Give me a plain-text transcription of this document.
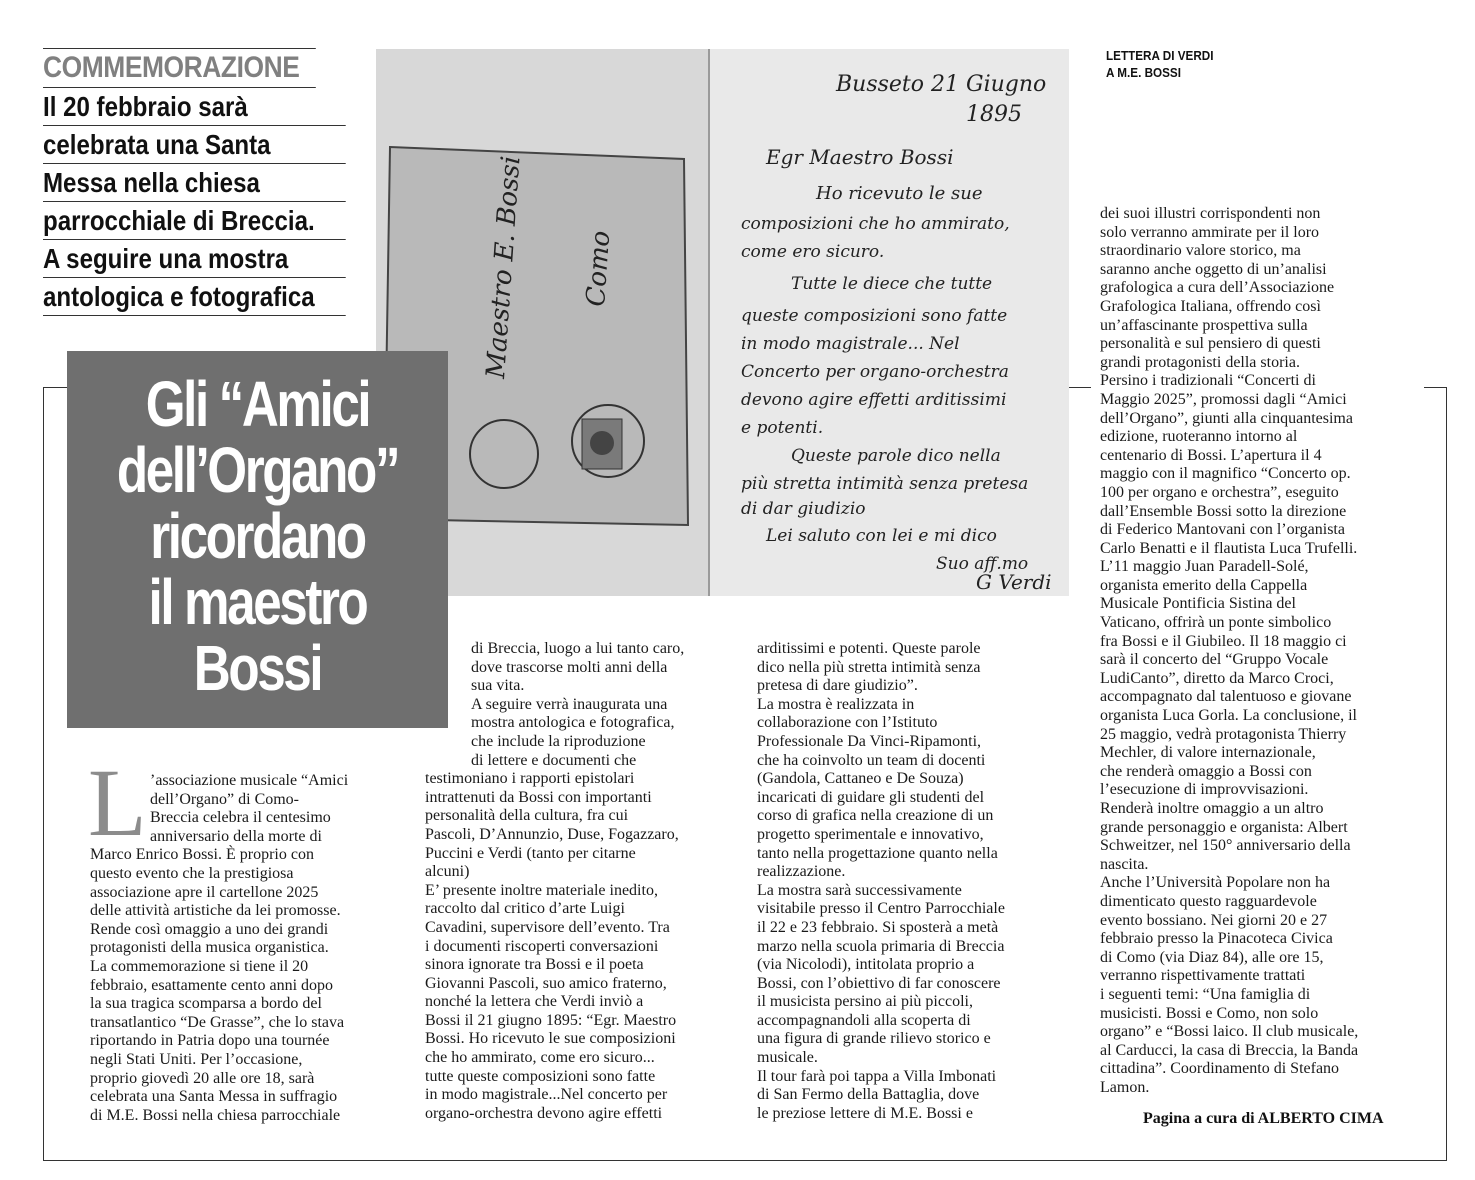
COMMEMORAZIONE
Il 20 febbraio sarà
celebrata una Santa
Messa nella chiesa
parrocchiale di Breccia.
A seguire una mostra
antologica e fotografica	Maestro E. Bossi Como
Busseto 21 Giugno
1895
Egr Maestro Bossi
Ho ricevuto le sue
composizioni che ho ammirato,
come ero sicuro.
Tutte le diece che tutte
queste composizioni sono fatte
in modo magistrale... Nel
Concerto per organo-orchestra
devono agire effetti arditissimi
e potenti.
Queste parole dico nella
più stretta intimità senza pretesa
di dar giudizio
Lei saluto con lei e mi dico
Suo aff.mo
G Verdi
LETTERA DI VERDI
A M.E. BOSSI
Gli “Amici
dell’Organo”
ricordano
il maestro
Bossi
L ’associazione musicale “Amici

dell’Organo” di Como-

Breccia celebra il centesimo

anniversario della morte di

Marco Enrico Bossi. È proprio con

questo evento che la prestigiosa

associazione apre il cartellone 2025

delle attività artistiche da lei promosse.

Rende così omaggio a uno dei grandi

protagonisti della musica organistica.

La commemorazione si tiene il 20

febbraio, esattamente cento anni dopo

la sua tragica scomparsa a bordo del

transatlantico “De Grasse”, che lo stava

riportando in Patria dopo una tournée

negli Stati Uniti. Per l’occasione,

proprio giovedì 20 alle ore 18, sarà

celebrata una Santa Messa in suffragio

di M.E. Bossi nella chiesa parrocchiale

di Breccia, luogo a lui tanto caro,

dove trascorse molti anni della

sua vita.

A seguire verrà inaugurata una

mostra antologica e fotografica,

che include la riproduzione

di lettere e documenti che

testimoniano i rapporti epistolari

intrattenuti da Bossi con importanti

personalità della cultura, fra cui

Pascoli, D’Annunzio, Duse, Fogazzaro,

Puccini e Verdi (tanto per citarne

alcuni)

E’ presente inoltre materiale inedito,

raccolto dal critico d’arte Luigi

Cavadini, supervisore dell’evento. Tra

i documenti riscoperti conversazioni

sinora ignorate tra Bossi e il poeta

Giovanni Pascoli, suo amico fraterno,

nonché la lettera che Verdi inviò a

Bossi il 21 giugno 1895: “Egr. Maestro

Bossi. Ho ricevuto le sue composizioni

che ho ammirato, come ero sicuro...

tutte queste composizioni sono fatte

in modo magistrale...Nel concerto per

organo-orchestra devono agire effetti

arditissimi e potenti. Queste parole

dico nella più stretta intimità senza

pretesa di dare giudizio”.

La mostra è realizzata in

collaborazione con l’Istituto

Professionale Da Vinci-Ripamonti,

che ha coinvolto un team di docenti

(Gandola, Cattaneo e De Souza)

incaricati di guidare gli studenti del

corso di grafica nella creazione di un

progetto sperimentale e innovativo,

tanto nella progettazione quanto nella

realizzazione.

La mostra sarà successivamente

visitabile presso il Centro Parrocchiale

il 22 e 23 febbraio. Si sposterà a metà

marzo nella scuola primaria di Breccia

(via Nicolodi), intitolata proprio a

Bossi, con l’obiettivo di far conoscere

il musicista persino ai più piccoli,

accompagnandoli alla scoperta di

una figura di grande rilievo storico e

musicale.

Il tour farà poi tappa a Villa Imbonati

di San Fermo della Battaglia, dove

le preziose lettere di M.E. Bossi e

dei suoi illustri corrispondenti non

solo verranno ammirate per il loro

straordinario valore storico, ma

saranno anche oggetto di un’analisi

grafologica a cura dell’Associazione

Grafologica Italiana, offrendo così

un’affascinante prospettiva sulla

personalità e sul pensiero di questi

grandi protagonisti della storia.

Persino i tradizionali “Concerti di

Maggio 2025”, promossi dagli “Amici

dell’Organo”, giunti alla cinquantesima

edizione, ruoteranno intorno al

centenario di Bossi. L’apertura il 4

maggio con il magnifico “Concerto op.

100 per organo e orchestra”, eseguito

dall’Ensemble Bossi sotto la direzione

di Federico Mantovani con l’organista

Carlo Benatti e il flautista Luca Trufelli.

L’11 maggio Juan Paradell-Solé,

organista emerito della Cappella

Musicale Pontificia Sistina del

Vaticano, offrirà un ponte simbolico

fra Bossi e il Giubileo. Il 18 maggio ci

sarà il concerto del “Gruppo Vocale

LudiCanto”, diretto da Marco Croci,

accompagnato dal talentuoso e giovane

organista Luca Gorla. La conclusione, il

25 maggio, vedrà protagonista Thierry

Mechler, di valore internazionale,

che renderà omaggio a Bossi con

l’esecuzione di improvvisazioni.

Renderà inoltre omaggio a un altro

grande personaggio e organista: Albert

Schweitzer, nel 150° anniversario della

nascita.

Anche l’Università Popolare non ha

dimenticato questo ragguardevole

evento bossiano. Nei giorni 20 e 27

febbraio presso la Pinacoteca Civica

di Como (via Diaz 84), alle ore 15,

verranno rispettivamente trattati

i seguenti temi: “Una famiglia di

musicisti. Bossi e Como, non solo

organo” e “Bossi laico. Il club musicale,

al Carducci, la casa di Breccia, la Banda

cittadina”. Coordinamento di Stefano

Lamon.

Pagina a cura di ALBERTO CIMA
